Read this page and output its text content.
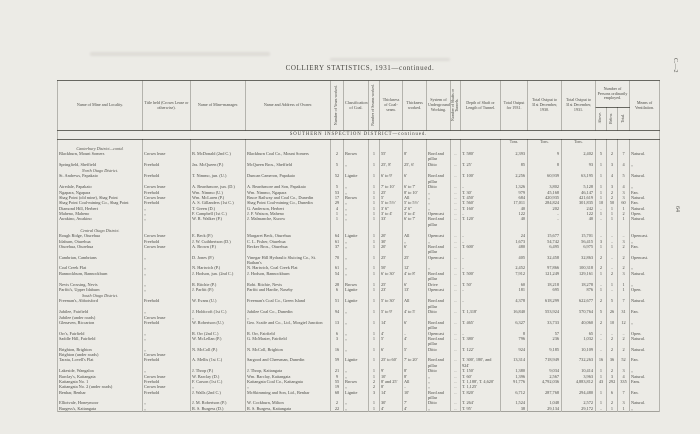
COLLIERY STATISTICS, 1931—continued.	C.—2
64
Name of Mine and Locality.	Title held (Crown Lease or otherwise).	Name of Mine-manager.	Name and Address of Owner.	Number of Years worked.	Classification of Coal.	Number of Seams worked.	Thickness of Coal-seam.	Thickness worked.	System of Underground Working.	Number of Shafts or Tunnels.	Depth of Shaft or Length of Tunnel.	Total Output for 1931.	Total Output to 31st December, 1930.	Total Output to 31st December, 1931.	Number of Persons ordinarily employed.			Means of Ventilation.
															Above.	Below.	Total.	
SOUTHERN INSPECTION DISTRICT—continued.																		
												Tons.	Tons.	Tons.				
Canterbury District—contd.																		
Blackburn, Mount Somers	Crown lease	B. McDonald (2nd C.)	Blackburn Coal Co., Mount Somers	2	Brown	1	55'	8'	Bord and pillar	..	T. 580'	2,393	9	2,402	5	2	7	Natural.
Springfield, Sheffield	Freehold	Jas. McQueen (P.)	McQueen Bros., Sheffield	5	,,	1	25', 8'	25', 6'	Ditto	..	T. 25'	85	8	93	1	3	4	,,
North Otago District.																		
St. Andrews, Papakaio	Freehold	T. Nimmo, jun. (U.)	Duncan Cameron, Papakaio	52	Lignite	1	6' to 9'	6'	Bord and pillar	..	T. 100'	2,256	60,939	63,195	1	4	5	Natural.
Airedale, Papakaio	Crown lease	A. Beardsmore, jun. (D.)	A. Beardsmore and Son, Papakaio	5	,,	1	7' to 10'	6' to 7'	Ditto	..	..	1,326	3,802	5,128	1	3	4	,,
Ngapara, Ngapara	Freehold	Wm. Nimmo (U.)	Wm. Nimmo, Ngapara	53	,,	1	25'	8' to 10'	,,	..	T. 30'	979	45,168	46,147	1	2	3	Fan.
Shag Point (old mine), Shag Point	Crown lease	Wm. McLaren (P.)	Bruce Railway and Coal Co., Dunedin	17	Brown	1	5'	All	,,	..	T. 450'	684	420,935	421,619	1	2	3	Natural.
Shag Point Coal-mining Co., Shag Point	Freehold	A. S. Gillanders (1st C.)	Shag Point Coal-mining Co., Dunedin	29	,,	1	5' to 5½'	5' to 5½'	,,	..	T. 560'	17,011	284,824	301,835	10	50	60	Fan.
Diamond Hill, Herbert	,,	T. Green (D.)	G. Anderson, Herbert	4	,,	1	3' 6"	2' 6"	,,	..	T. 160'	40	202	242	..	1	1	Natural.
Maheno, Maheno	,,	F. Campbell (1st C.)	J. F. Watson, Maheno	1	,,	1	3' to 4'	3' to 4'	Opencast	..	..	122	..	122	1	1	2	Open.
Awakino, Awakino	,,	W. R. Walker (P.)	J. Malmanche, Kurow	1	,,	1	33'	6' to 7'	Bord and pillar	..	T. 120'	40	..	40	..	1	1	Natural.
Central Otago District.																		
Rough Ridge, Oturehua	Crown lease	E. Beck (P.)	Margaret Beck, Oturehua	64	Lignite	1	20'	All	Opencast	..	..	24	15,677	15,701	..	..	..	Opencast.
Idaburn, Oturehua	Freehold	J. W. Cuthbertson (D.)	C. L. Fisher, Oturehua	61	,,	1	30'	,,	,,	..	..	1,673	54,742	56,415	3	..	3	,,
Oturehua, Oturehua	Crown lease	A. Brown (P.)	Becker Bros., Oturehua	37	,,	1	20'	6'	Bord and pillar	..	T. 600'	480	6,495	6,975	1	1	2	Fan.
Cambrian, Cambrians	,,	D. Jones (P.)	Vinegar Hill Hydraulic Sluicing Co., St. Bathan's	70	,,	1	25'	25'	Opencast	..	..	405	32,458	32,863	2	..	2	Opencast.
Coal Creek Flat	,,	N. Hartwich (P.)	N. Hartwich, Coal Creek Flat	61	,,	1	50'	12'	,,	..	..	2,452	97,866	100,318	2	..	2	,,
Bannockburn, Bannockburn	,,	J. Hodson, jun. (2nd C.)	J. Hodson, Bannockburn	54	,,	1	6' to 30'	4' to 8'	Bord and pillar	..	T. 500'	7,912	121,249	129,161	1	2	3	Natural.
Nevis Crossing, Nevis	,,	R. Ritchie (P.)	Robt. Ritchie, Nevis	28	Brown	1	25'	6'	Drive	..	T. 50'	60	18,218	18,278	..	1	1	,,
Parfitt's, Upper Idaburn	,,	J. Parfitt (P.)	Parfitt and Hardie, Naseby	6	Lignite	1	23'	13'	Opencast	..	..	181	695	876	1	..	1	Open.
South Otago District.																		
Freeman's, Abbotsford	Freehold	W. Evans (U.)	Freeman's Coal Co., Green Island	51	Lignite	1	5' to 30'	All	Bord and pillar	..	..	4,378	618,299	622,677	2	5	7	Natural.
Jubilee, Fairfield	,,	J. Holdcroft (1st C.)	Jubilee Coal Co., Dunedin	94	,,	1	5' to 9'	4' to 5'	Ditto	..	T. 1,318'	16,840	553,924	570,764	5	26	31	Fan.
Jubilee (under roads)	Crown lease	,,	,,															
Glenaven, Riccarton	Freehold	W. Robertson (U.)	Geo. Scaife and Co., Ltd., Mosgiel Junction	13	,,	1	14'	6'	Bord and pillar	..	T. 465'	6,327	33,733	40,060	2	10	12	,,
Orr's, Fairfield	,,	R. Orr (2nd C.)	R. Orr, Fairfield	6	,,	1	4'	..	Opencast	..	..	8	57	65	..	..	..	Open.
Saddle Hill, Fairfield	,,	W. McLellan (P.)	G. McMaster, Fairfield	3	,,	1	5'	4'	Bord and pillar	..	T. 380'	796	236	1,032	..	2	2	Natural.
Brighton, Brighton	,,	N. McColl (P.)	N. McColl, Brighton	16	,,	1	6'	5'	Ditto	..	T. 122'	924	9,185	10,109	..	2	2	Natural.
Brighton (under roads)	Crown lease																	
Taratu, Lovell's Flat	Freehold	A. Mellis (1st C.)	Sargood and Cheesman, Dunedin	59	Lignite	1	25' to 60'	7' to 20'	Bord and pillar	..	T. 300', 180', and 924'	13,314	718,949	732,263	16	36	52	Fan.
Lakeside, Wangaloa	,,	J. Throp (P.)	J. Throp, Kaitangata	21	,,	1	9'	8'	Ditto	..	T. 150'	1,380	9,034	10,414	1	2	3	,,
Barclay's, Kaitangata	Crown lease	W. Barclay (D.)	Wm. Barclay, Kaitangata	9	,,	1	10'	8'	,,	..	T. 60'	1,396	2,567	3,963	1	3	4	Natural.
Kaitangata No. 1	Freehold	F. Carson (1st C.)	Kaitangata Coal Co., Kaitangata	55	Brown	2	8' and 25'	All	,,	..	T. 1,188', T. 4,620'	91,776	4,792,036	4,883,812	43	292	335	Fans.
Kaitangata No. 2 (under roads)	Crown lease	,,	,,	19	,,	2	8'	..	,,	..	T. 1,125'							
Benhar, Benhar	Freehold	J. Walls (2nd C.)	McSkimming and Son, Ltd., Benhar	68	Lignite	3	14'	10'	Bord and pillar	..	T. 820'	6,712	287,768	294,480	1	6	7	Fan.
Elliotvale, Honeymoor	,,	J. M. Robertson (P.)	W. Cockburn, Milton	2	,,	1	30'	7'	Ditto	..	T. 264'	1,524	1,048	2,572	1	2	3	Natural.
Burgess's, Kaitangata	,,	R. S. Burgess (D.)	R. S. Burgess, Kaitangata	22	,,	1	4'	4'	,,	..	T. 95'	38	29,134	29,172	..	1	1	,,
